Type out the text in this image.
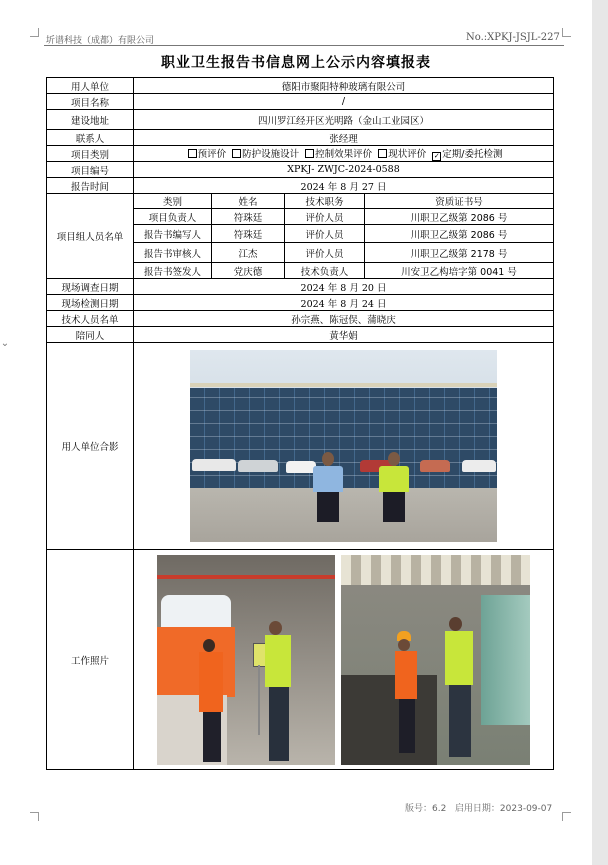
圻谱科技（成都）有限公司	No.:XPKJ-JSJL-227
职业卫生报告书信息网上公示内容填报表
用人单位	德阳市聚阳特种玻璃有限公司			
项目名称	/			
建设地址	四川罗江经开区光明路（金山工业园区）			
联系人	张经理			
项目类别	预评价 防护设施设计 控制效果评价 现状评价 ✓ 定期/委托检测			
项目编号	XPKJ- ZWJC-2024-0588			
报告时间	2024 年 8 月 27 日			
项目组人员名单	类别	姓名	技术职务	资质证书号
	项目负责人	符珠廷	评价人员	川职卫乙级第 2086 号
	报告书编写人	符珠廷	评价人员	川职卫乙级第 2086 号
	报告书审核人	江杰	评价人员	川职卫乙级第 2178 号
	报告书签发人	党庆德	技术负责人	川安卫乙构培字第 0041 号
现场调查日期	2024 年 8 月 20 日			
现场检测日期	2024 年 8 月 24 日			
技术人员名单	孙宗燕、陈冠俣、蒲晓庆			
陪同人	黄华娟			
用人单位合影				

工作照片				
版号：6.2 启用日期：2023-09-07
⌄
